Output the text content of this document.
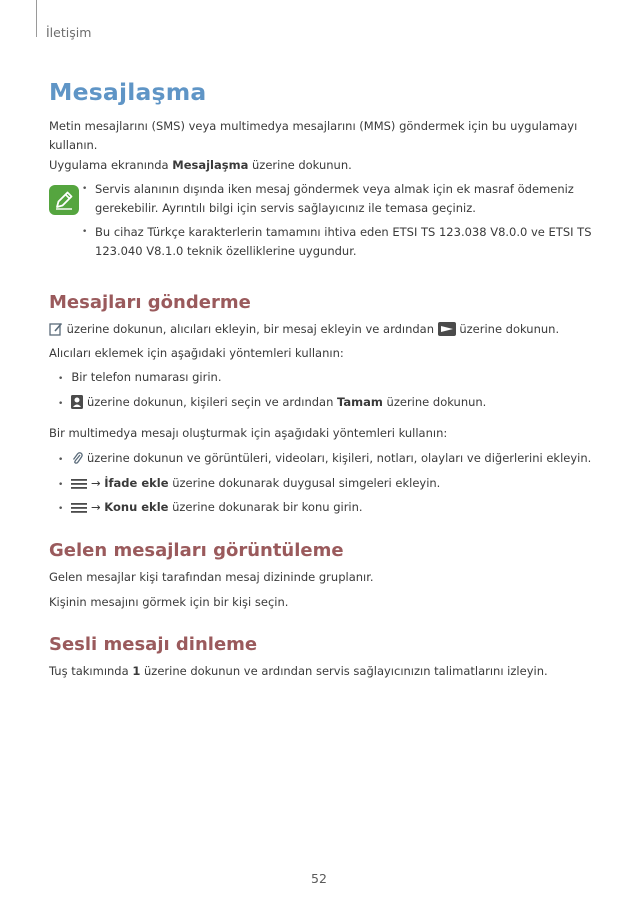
İletişim
Mesajlaşma

Metin mesajlarını (SMS) veya multimedya mesajlarını (MMS) göndermek için bu uygulamayı kullanın.

Uygulama ekranında Mesajlaşma üzerine dokunun.

• Servis alanının dışında iken mesaj göndermek veya almak için ek masraf ödemeniz gerekebilir. Ayrıntılı bilgi için servis sağlayıcınız ile temasa geçiniz.
• Bu cihaz Türkçe karakterlerin tamamını ihtiva eden ETSI TS 123.038 V8.0.0 ve ETSI TS 123.040 V8.1.0 teknik özelliklerine uygundur.
Mesajları gönderme
üzerine dokunun, alıcıları ekleyin, bir mesaj ekleyin ve ardından  üzerine dokunun.
Alıcıları eklemek için aşağıdaki yöntemleri kullanın:
• Bir telefon numarası girin.
• üzerine dokunun, kişileri seçin ve ardından Tamam üzerine dokunun.
Bir multimedya mesajı oluşturmak için aşağıdaki yöntemleri kullanın:
• üzerine dokunun ve görüntüleri, videoları, kişileri, notları, olayları ve diğerlerini ekleyin.
• → İfade ekle üzerine dokunarak duygusal simgeleri ekleyin.
• → Konu ekle üzerine dokunarak bir konu girin.
Gelen mesajları görüntüleme
Gelen mesajlar kişi tarafından mesaj dizininde gruplanır.
Kişinin mesajını görmek için bir kişi seçin.
Sesli mesajı dinleme
Tuş takımında 1 üzerine dokunun ve ardından servis sağlayıcınızın talimatlarını izleyin.
52
